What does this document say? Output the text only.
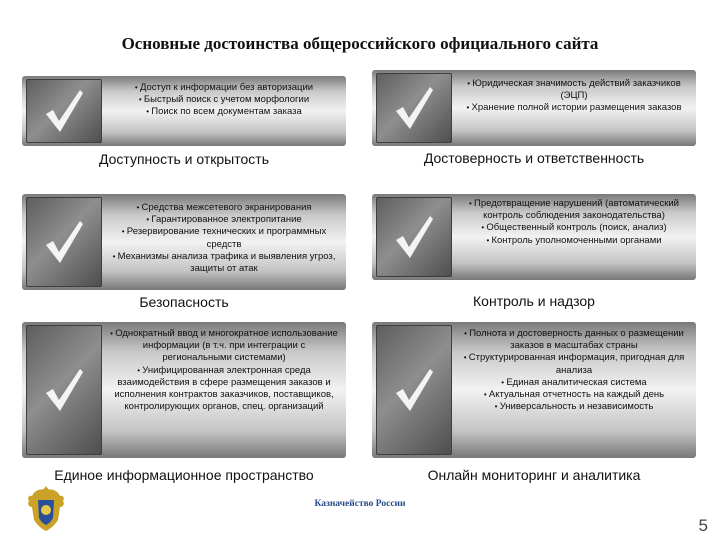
Основные достоинства общероссийского официального сайта
• Доступ к информации без авторизации
• Быстрый поиск с учетом морфологии
• Поиск по всем документам заказа
Доступность и открытость
• Юридическая значимость действий заказчиков (ЭЦП)
• Хранение полной истории размещения заказов
Достоверность и ответственность
• Средства межсетевого экранирования
• Гарантированное электропитание
• Резервирование технических и программных средств
• Механизмы анализа трафика и выявления угроз, защиты от атак
Безопасность
• Предотвращение нарушений (автоматический контроль соблюдения законодательства)
• Общественный контроль (поиск, анализ)
• Контроль уполномоченными органами
Контроль и надзор
• Однократный ввод и многократное использование информации (в т.ч. при интеграции с региональными системами)
• Унифицированная электронная среда взаимодействия в сфере размещения заказов и исполнения контрактов заказчиков, поставщиков, контролирующих органов, спец. организаций
Единое информационное пространство
• Полнота и достоверность данных о размещении заказов в масштабах страны
• Структурированная информация, пригодная для анализа
• Единая аналитическая система
• Актуальная отчетность на каждый день
• Универсальность и независимость
Онлайн мониторинг и аналитика
Казначейство России
5
